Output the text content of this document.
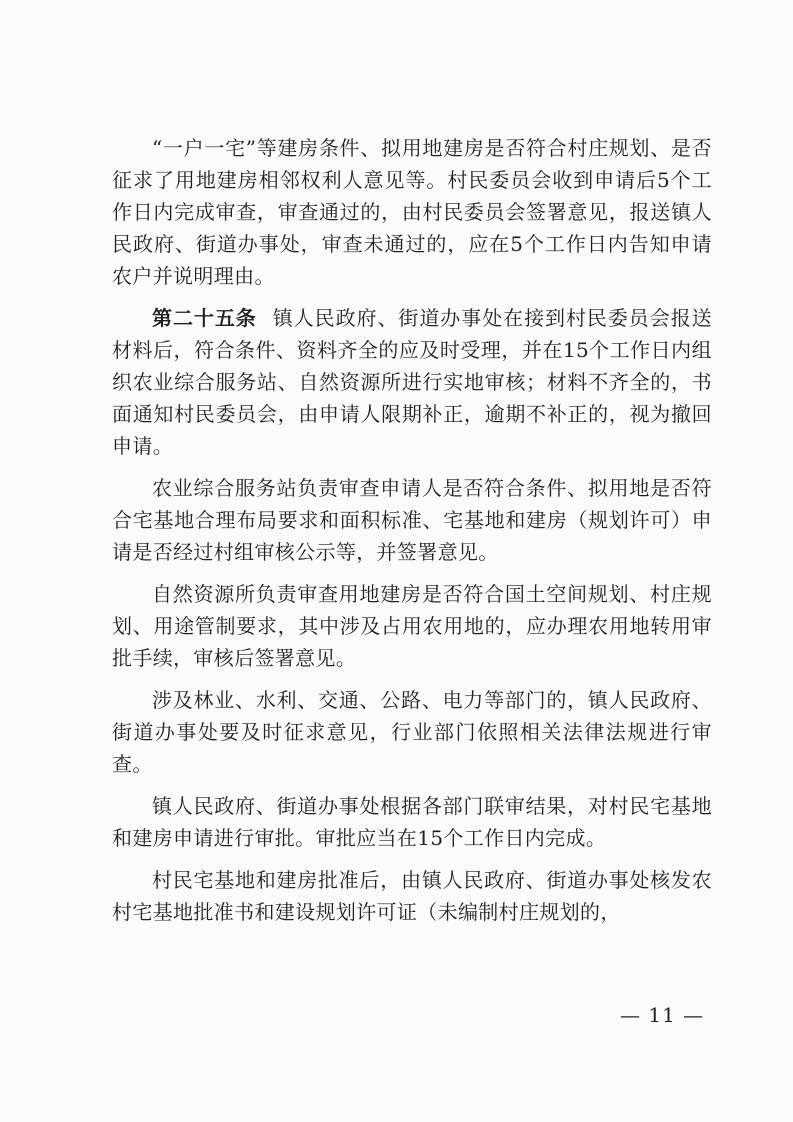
“一户一宅”等建房条件、拟用地建房是否符合村庄规划、是否征求了用地建房相邻权利人意见等。村民委员会收到申请后5个工作日内完成审查，审查通过的，由村民委员会签署意见，报送镇人民政府、街道办事处，审查未通过的，应在5个工作日内告知申请农户并说明理由。

第二十五条 镇人民政府、街道办事处在接到村民委员会报送材料后，符合条件、资料齐全的应及时受理，并在15个工作日内组织农业综合服务站、自然资源所进行实地审核；材料不齐全的，书面通知村民委员会，由申请人限期补正，逾期不补正的，视为撤回申请。

农业综合服务站负责审查申请人是否符合条件、拟用地是否符合宅基地合理布局要求和面积标准、宅基地和建房（规划许可）申请是否经过村组审核公示等，并签署意见。

自然资源所负责审查用地建房是否符合国土空间规划、村庄规划、用途管制要求，其中涉及占用农用地的，应办理农用地转用审批手续，审核后签署意见。

涉及林业、水利、交通、公路、电力等部门的，镇人民政府、街道办事处要及时征求意见，行业部门依照相关法律法规进行审查。

镇人民政府、街道办事处根据各部门联审结果，对村民宅基地和建房申请进行审批。审批应当在15个工作日内完成。

村民宅基地和建房批准后，由镇人民政府、街道办事处核发农村宅基地批准书和建设规划许可证（未编制村庄规划的，

— 11 —
